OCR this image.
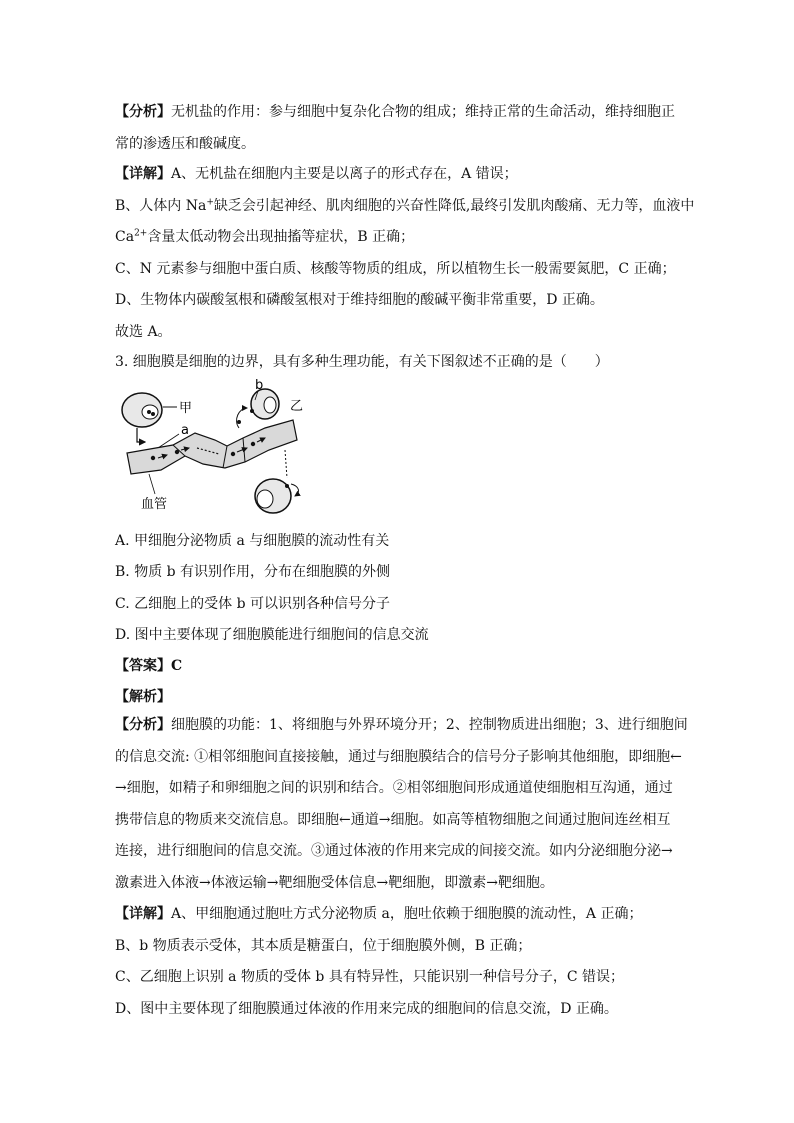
【分析】无机盐的作用：参与细胞中复杂化合物的组成；维持正常的生命活动，维持细胞正
常的渗透压和酸碱度。
【详解】A、无机盐在细胞内主要是以离子的形式存在，A 错误；
B、人体内 Na+缺乏会引起神经、肌肉细胞的兴奋性降低,最终引发肌肉酸痛、无力等，血液中
$Ca^{2+}$含量太低动物会出现抽搐等症状，B 正确；
C、N 元素参与细胞中蛋白质、核酸等物质的组成，所以植物生长一般需要氮肥，C 正确；
D、生物体内碳酸氢根和磷酸氢根对于维持细胞的酸碱平衡非常重要，D 正确。
故选 A。

3. 细胞膜是细胞的边界，具有多种生理功能，有关下图叙述不正确的是（　　）

甲
a
b
乙
血管

A. 甲细胞分泌物质 a 与细胞膜的流动性有关

B. 物质 b 有识别作用，分布在细胞膜的外侧

C. 乙细胞上的受体 b 可以识别各种信号分子

D. 图中主要体现了细胞膜能进行细胞间的信息交流

【答案】C

【解析】

【分析】细胞膜的功能：1、将细胞与外界环境分开；2、控制物质进出细胞；3、进行细胞间
的信息交流: ①相邻细胞间直接接触，通过与细胞膜结合的信号分子影响其他细胞，即细胞←
→细胞，如精子和卵细胞之间的识别和结合。②相邻细胞间形成通道使细胞相互沟通，通过
携带信息的物质来交流信息。即细胞←通道→细胞。如高等植物细胞之间通过胞间连丝相互
连接，进行细胞间的信息交流。③通过体液的作用来完成的间接交流。如内分泌细胞分泌→
激素进入体液→体液运输→靶细胞受体信息→靶细胞，即激素→靶细胞。
【详解】A、甲细胞通过胞吐方式分泌物质 a，胞吐依赖于细胞膜的流动性，A 正确；
B、b 物质表示受体，其本质是糖蛋白，位于细胞膜外侧，B 正确；
C、乙细胞上识别 a 物质的受体 b 具有特异性，只能识别一种信号分子，C 错误；
D、图中主要体现了细胞膜通过体液的作用来完成的细胞间的信息交流，D 正确。
